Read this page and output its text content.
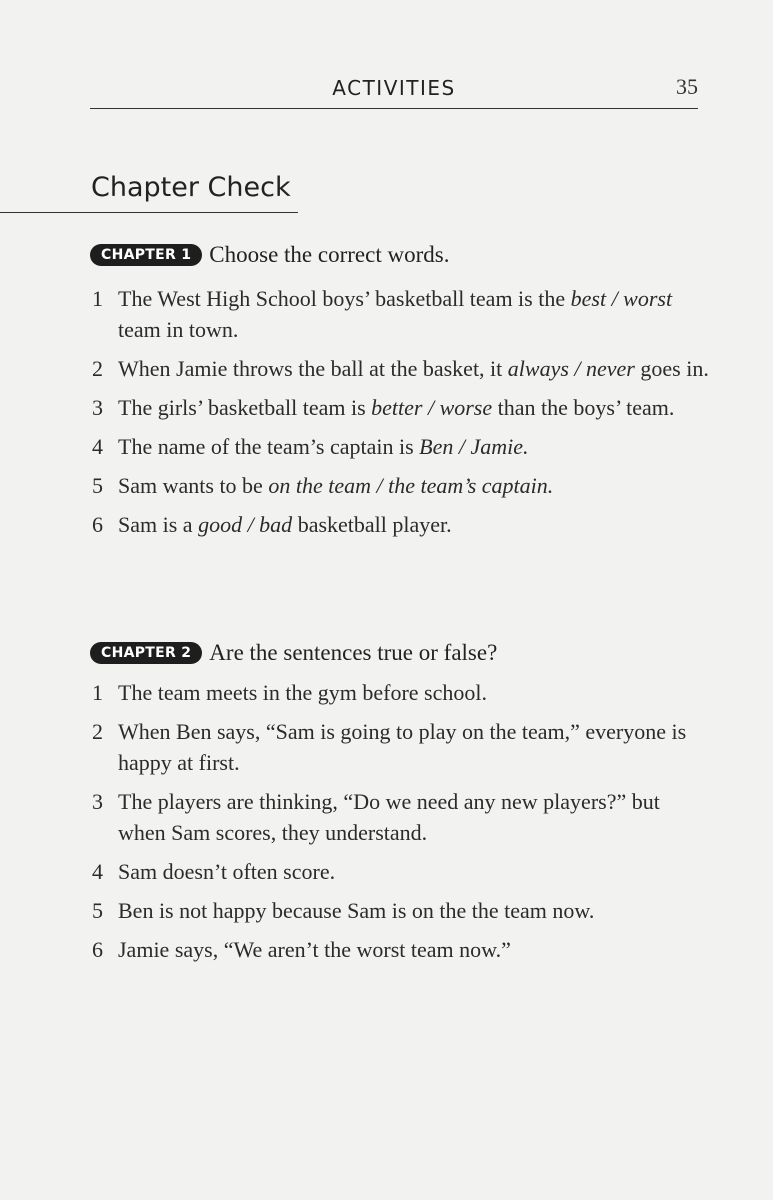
ACTIVITIES	35
Chapter Check
CHAPTER 1 Choose the correct words.
1 The West High School boys’ basketball team is the best / worst team in town.
2 When Jamie throws the ball at the basket, it always / never goes in.
3 The girls’ basketball team is better / worse than the boys’ team.
4 The name of the team’s captain is Ben / Jamie.
5 Sam wants to be on the team / the team’s captain.
6 Sam is a good / bad basketball player.
CHAPTER 2 Are the sentences true or false?
1 The team meets in the gym before school.
2 When Ben says, “Sam is going to play on the team,” everyone is happy at first.
3 The players are thinking, “Do we need any new players?” but when Sam scores, they understand.
4 Sam doesn’t often score.
5 Ben is not happy because Sam is on the the team now.
6 Jamie says, “We aren’t the worst team now.”
